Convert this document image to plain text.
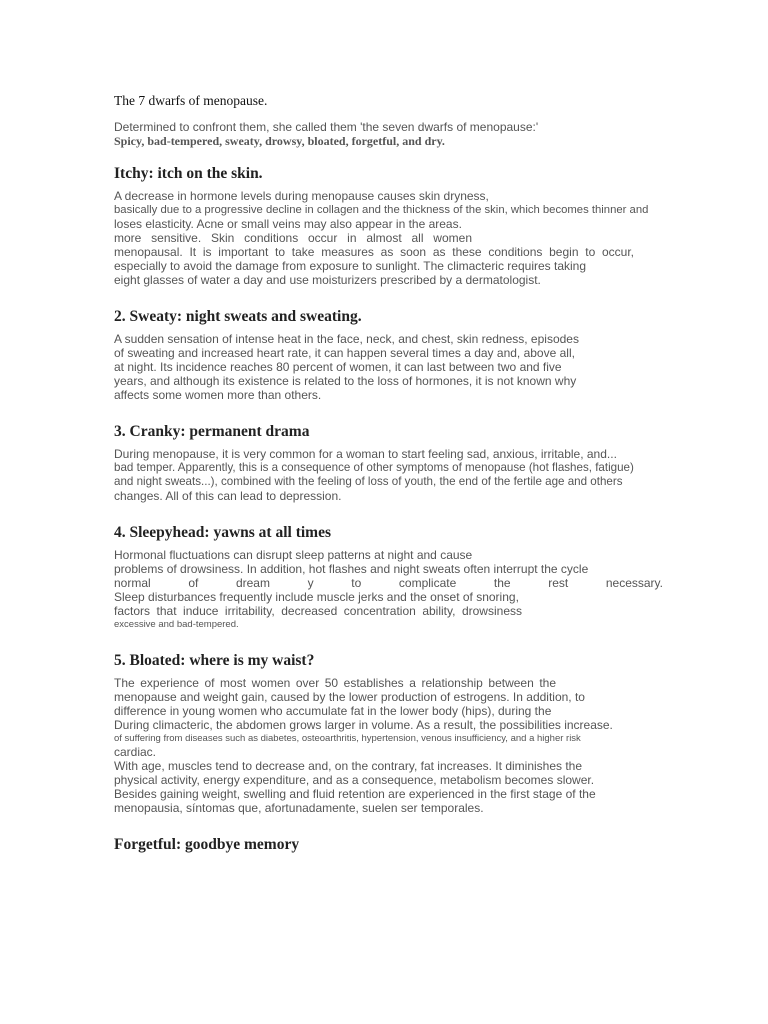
The 7 dwarfs of menopause.

Determined to confront them, she called them 'the seven dwarfs of menopause:'

Spicy, bad-tempered, sweaty, drowsy, bloated, forgetful, and dry.

Itchy: itch on the skin.
A decrease in hormone levels during menopause causes skin dryness,
basically due to a progressive decline in collagen and the thickness of the skin, which becomes thinner and
loses elasticity. Acne or small veins may also appear in the areas.
more sensitive. Skin conditions occur in almost all women
menopausal. It is important to take measures as soon as these conditions begin to occur,
especially to avoid the damage from exposure to sunlight. The climacteric requires taking
eight glasses of water a day and use moisturizers prescribed by a dermatologist.
2. Sweaty: night sweats and sweating.
A sudden sensation of intense heat in the face, neck, and chest, skin redness, episodes
of sweating and increased heart rate, it can happen several times a day and, above all,
at night. Its incidence reaches 80 percent of women, it can last between two and five
years, and although its existence is related to the loss of hormones, it is not known why
affects some women more than others.
3. Cranky: permanent drama
During menopause, it is very common for a woman to start feeling sad, anxious, irritable, and...
bad temper. Apparently, this is a consequence of other symptoms of menopause (hot flashes, fatigue)
and night sweats...), combined with the feeling of loss of youth, the end of the fertile age and others
changes. All of this can lead to depression.
4. Sleepyhead: yawns at all times
Hormonal fluctuations can disrupt sleep patterns at night and cause
problems of drowsiness. In addition, hot flashes and night sweats often interrupt the cycle
normal of dream y to complicate the rest necessary.
Sleep disturbances frequently include muscle jerks and the onset of snoring,
factors that induce irritability, decreased concentration ability, drowsiness
excessive and bad-tempered.
5. Bloated: where is my waist?
The experience of most women over 50 establishes a relationship between the
menopause and weight gain, caused by the lower production of estrogens. In addition, to
difference in young women who accumulate fat in the lower body (hips), during the
During climacteric, the abdomen grows larger in volume. As a result, the possibilities increase.
of suffering from diseases such as diabetes, osteoarthritis, hypertension, venous insufficiency, and a higher risk
cardiac.
With age, muscles tend to decrease and, on the contrary, fat increases. It diminishes the
physical activity, energy expenditure, and as a consequence, metabolism becomes slower.
Besides gaining weight, swelling and fluid retention are experienced in the first stage of the
menopausia, síntomas que, afortunadamente, suelen ser temporales.
Forgetful: goodbye memory
